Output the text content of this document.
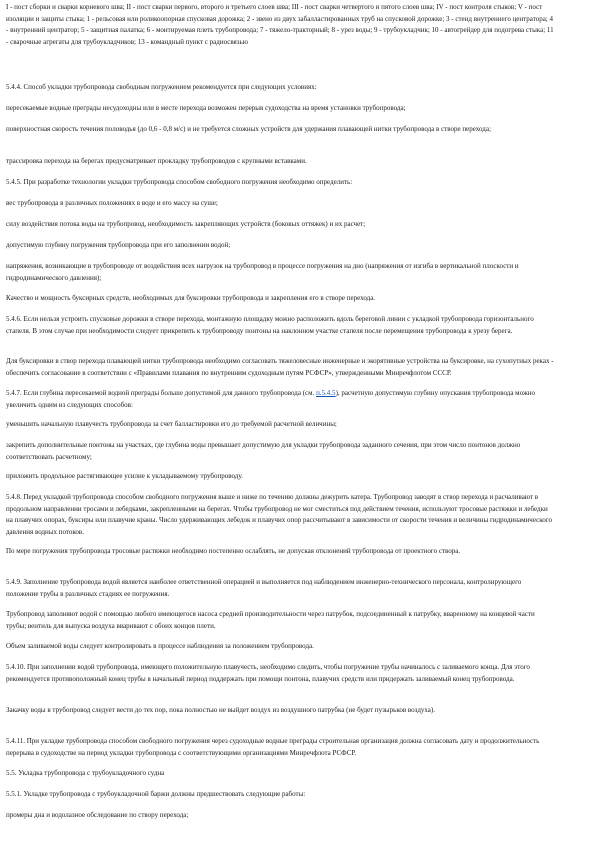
I - пост сборки и сварки корневого шва; II - пост сварки первого, второго и третьего слоев шва; III - пост сварки четвертого и пятого слоев шва; IV - пост контроля стыков; V - пост изоляции и защиты стыка; 1 - рельсовая или роликоопорная спусковая дорожка; 2 - звено из двух забалластированных труб на спусковой дорожке; 3 - стенд внутреннего центратора; 4 - внутренний центратор; 5 - защитная палатка; 6 - монтируемая плеть трубопровода; 7 - тяжело-тракторный; 8 - урез воды; 9 - трубоукладчик; 10 - автогрейдер для подогрева стыка; 11 - сварочные агрегаты для трубоукладчиков; 13 - командный пункт с радиосвязью

5.4.4. Способ укладки трубопровода свободным погружением рекомендуется при следующих условиях:

пересекаемые водные преграды несудоходны или в месте перехода возможен перерыв судоходства на время установки трубопровода;

поверхностная скорость течения половодья (до 0,6 - 0,8 м/с) и не требуется сложных устройств для удержания плавающей нитки трубопровода в створе перехода;

трассировка перехода на берегах предусматривает прокладку трубопроводов с крупными вставками.

5.4.5. При разработке технологии укладки трубопровода способом свободного погружения необходимо определить:

вес трубопровода в различных положениях в воде и его массу на суше;

силу воздействия потока воды на трубопровод, необходимость закрепляющих устройств (боковых оттяжек) и их расчет;

допустимую глубину погружения трубопровода при его заполнении водой;

напряжения, возникающие в трубопроводе от воздействия всех нагрузок на трубопровод в процессе погружения на дно (напряжения от изгиба в вертикальной плоскости и гидродинамического давления);

Качество и мощность буксирных средств, необходимых для буксировки трубопровода и закрепления его в створе перехода.

5.4.6. Если нельзя устроить спусковые дорожки в створе перехода, монтажную площадку можно расположить вдоль береговой линии с укладкой трубопровода горизонтального стапеля. В этом случае при необходимости следует прикрепить к трубопроводу понтоны на наклонном участке стапеля после перемещения трубопровода к урезу берега.

Для буксировки в створ перехода плавающей нитки трубопровода необходимо согласовать тяжеловесные инженерные и экорятивные устройства на буксировке, на сухопутных реках - обеспечить согласование в соответствии с «Правилами плавания по внутренним судоходным путям РСФСР», утвержденными Минречфлотом СССР.

5.4.7. Если глубина пересекаемой водной преграды больше допустимой для данного трубопровода (см. п.5.4.5), расчетную допустимую глубину опускания трубопровода можно увеличить одним из следующих способов:

уменьшить начальную плавучесть трубопровода за счет балластировки его до требуемой расчетной величины;

закрепить дополнительные понтоны на участках, где глубина воды превышает допустимую для укладки трубопровода заданного сечения, при этом число понтонов должно соответствовать расчетному;

приложить продольное растягивающее усилие к укладываемому трубопроводу.

5.4.8. Перед укладкой трубопровода способом свободного погружения выше и ниже по течению должны дежурить катера. Трубопровод заводят в створ перехода и расчаливают в продольном направлении тросами и лебедками, закрепленными на берегах. Чтобы трубопровод не мог сместиться под действием течения, используют тросовые растяжки и лебедки на плавучих опорах, буксиры или плавучие краны. Число удерживающих лебедок и плавучих опор рассчитывают в зависимости от скорости течения и величины гидродинамического давления водных потоков.

По мере погружения трубопровода тросовые растяжки необходимо постепенно ослаблять, не допуская отклонений трубопровода от проектного створа.

5.4.9. Заполнение трубопровода водой является наиболее ответственной операцией и выполняется под наблюдением инженерно-технического персонала, контролирующего положение трубы в различных стадиях ее погружения.

Трубопровод заполняют водой с помощью любого имеющегося насоса средней производительности через патрубок, подсоединенный к патрубку, вваренному на концевой части трубы; вентиль для выпуска воздуха вваривают с обоих концов плети.

Объем заливаемой воды следует контролировать в процессе наблюдения за положением трубопровода.

5.4.10. При заполнении водой трубопровода, имеющего положительную плавучесть, необходимо следить, чтобы погружение трубы начиналось с заливаемого конца. Для этого рекомендуется противоположный конец трубы в начальный период поддержать при помощи понтона, плавучих средств или придержать заливаемый конец трубопровода.

Закачку воды в трубопровод следует вести до тех пор, пока полностью не выйдет воздух из воздушного патрубка (не будет пузырьков воздуха).

5.4.11. При укладке трубопровода способом свободного погружения через судоходные водные преграды строительная организация должна согласовать дату и продолжительность перерыва в судоходстве на период укладки трубопровода с соответствующими организациями Минречфлота РСФСР.

5.5. Укладка трубопровода с трубоукладочного судна

5.5.1. Укладке трубопровода с трубоукладочной баржи должны предшествовать следующие работы:

промеры дна и водолазное обследование по створу перехода;
